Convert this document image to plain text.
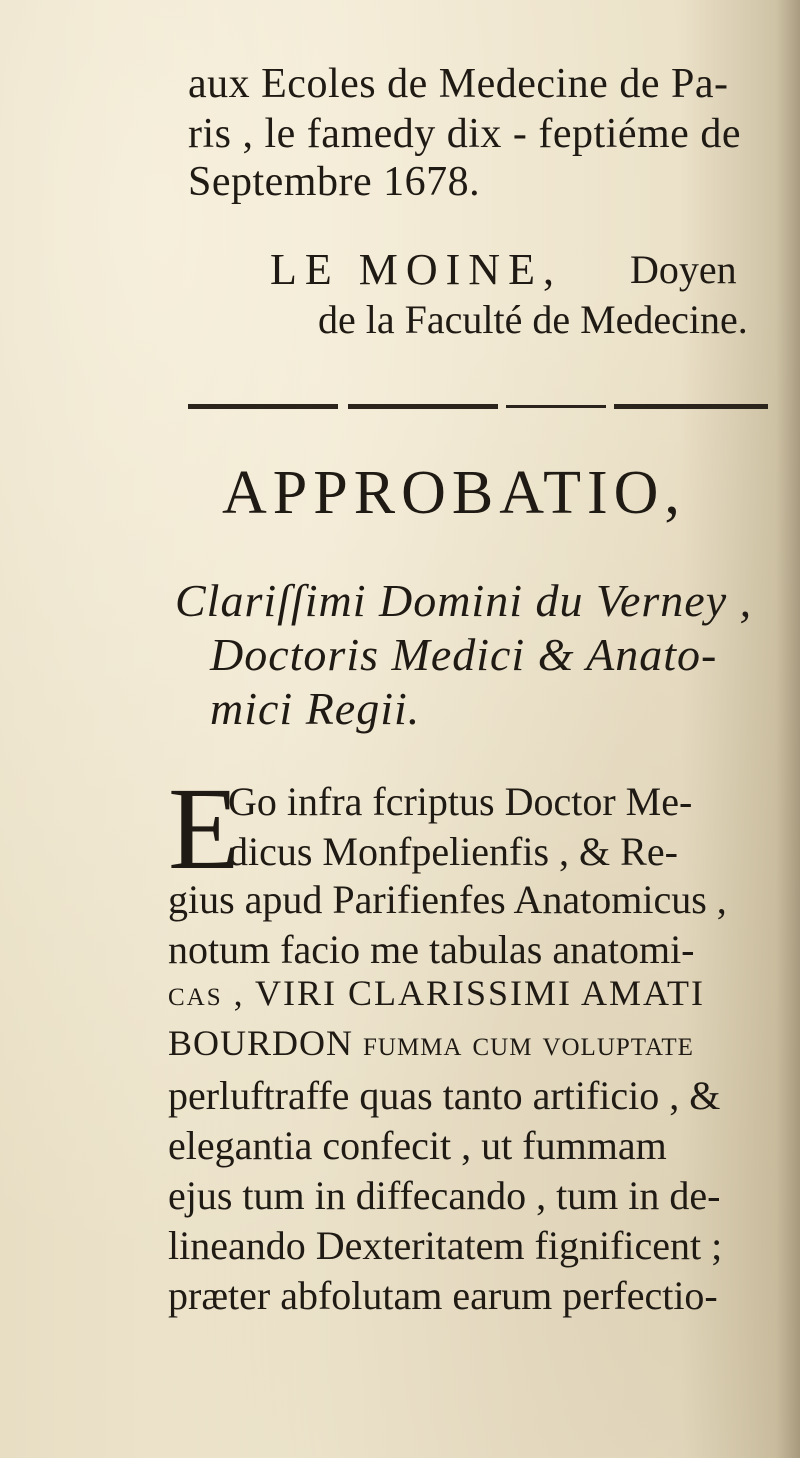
aux Ecoles de Medecine de Pa-
ris , le famedy dix - feptiéme de
Septembre 1678.
LE MOINE, Doyen
de la Faculté de Medecine.
APPROBATIO,
Clariſſimi Domini du Verney ,
Doctoris Medici & Anato-
mici Regii.
E
Go infra fcriptus Doctor Me-
dicus Monfpelienfis , & Re-
gius apud Parifienfes Anatomicus ,
notum facio me tabulas anatomi-
cas , VIRI CLARISSIMI AMATI
BOURDON fumma cum voluptate
perluftraffe quas tanto artificio , &
elegantia confecit , ut fummam
ejus tum in diffecando , tum in de-
lineando Dexteritatem fignificent ;
præter abfolutam earum perfectio-
